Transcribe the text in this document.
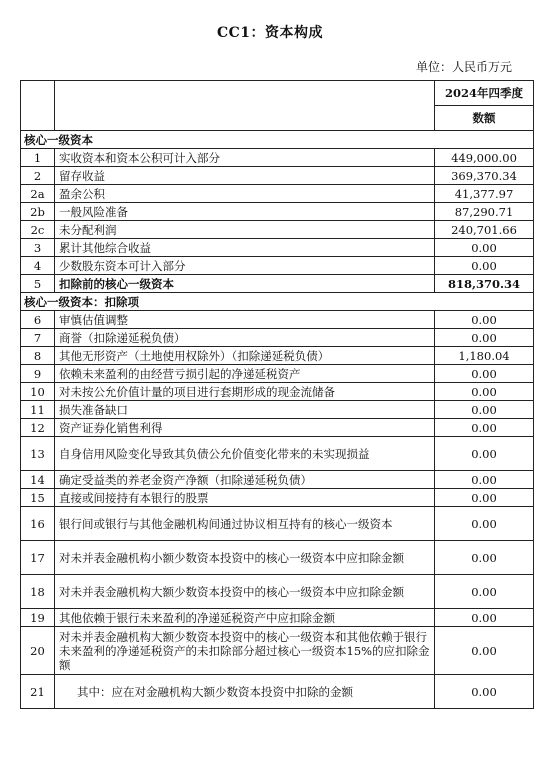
CC1：资本构成
单位：人民币万元
		2024年四季度
		数额
核心一级资本		
1	实收资本和资本公积可计入部分	449,000.00
2	留存收益	369,370.34
2a	盈余公积	41,377.97
2b	一般风险准备	87,290.71
2c	未分配利润	240,701.66
3	累计其他综合收益	0.00
4	少数股东资本可计入部分	0.00
5	扣除前的核心一级资本	818,370.34
核心一级资本：扣除项		
6	审慎估值调整	0.00
7	商誉（扣除递延税负债）	0.00
8	其他无形资产（土地使用权除外）（扣除递延税负债）	1,180.04
9	依赖未来盈利的由经营亏损引起的净递延税资产	0.00
10	对未按公允价值计量的项目进行套期形成的现金流储备	0.00
11	损失准备缺口	0.00
12	资产证券化销售利得	0.00
13	自身信用风险变化导致其负债公允价值变化带来的未实现损益	0.00
14	确定受益类的养老金资产净额（扣除递延税负债）	0.00
15	直接或间接持有本银行的股票	0.00
16	银行间或银行与其他金融机构间通过协议相互持有的核心一级资本	0.00
17	对未并表金融机构小额少数资本投资中的核心一级资本中应扣除金额	0.00
18	对未并表金融机构大额少数资本投资中的核心一级资本中应扣除金额	0.00
19	其他依赖于银行未来盈利的净递延税资产中应扣除金额	0.00
20	对未并表金融机构大额少数资本投资中的核心一级资本和其他依赖于银行未来盈利的净递延税资产的未扣除部分超过核心一级资本15%的应扣除金额	0.00
21	其中：应在对金融机构大额少数资本投资中扣除的金额	0.00
